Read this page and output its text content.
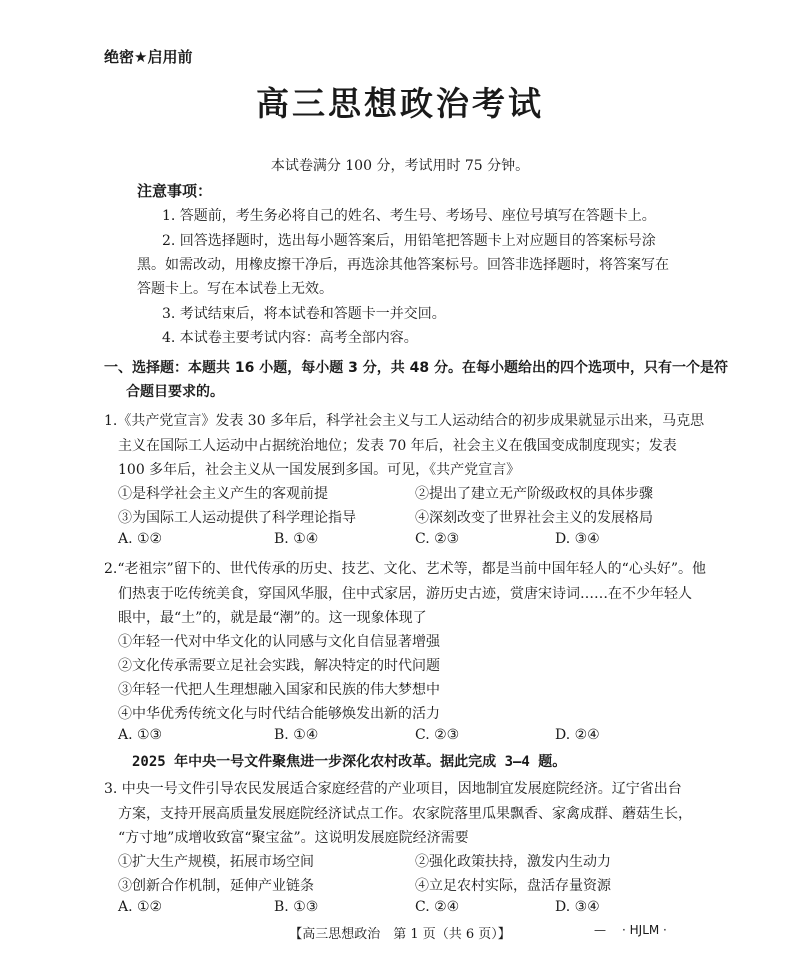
绝密★启用前
高三思想政治考试
本试卷满分 100 分，考试用时 75 分钟。
注意事项：
1. 答题前，考生务必将自己的姓名、考生号、考场号、座位号填写在答题卡上。
2. 回答选择题时，选出每小题答案后，用铅笔把答题卡上对应题目的答案标号涂
黑。如需改动，用橡皮擦干净后，再选涂其他答案标号。回答非选择题时，将答案写在
答题卡上。写在本试卷上无效。
3. 考试结束后，将本试卷和答题卡一并交回。
4. 本试卷主要考试内容：高考全部内容。
一、选择题：本题共 16 小题，每小题 3 分，共 48 分。在每小题给出的四个选项中，只有一个是符
合题目要求的。
1.《共产党宣言》发表 30 多年后，科学社会主义与工人运动结合的初步成果就显示出来，马克思
主义在国际工人运动中占据统治地位；发表 70 年后，社会主义在俄国变成制度现实；发表
100 多年后，社会主义从一国发展到多国。可见，《共产党宣言》
①是科学社会主义产生的客观前提	②提出了建立无产阶级政权的具体步骤
③为国际工人运动提供了科学理论指导	④深刻改变了世界社会主义的发展格局
A. ①②	B. ①④	C. ②③	D. ③④
2.“老祖宗”留下的、世代传承的历史、技艺、文化、艺术等，都是当前中国年轻人的“心头好”。他
们热衷于吃传统美食，穿国风华服，住中式家居，游历史古迹，赏唐宋诗词……在不少年轻人
眼中，最“土”的，就是最“潮”的。这一现象体现了
①年轻一代对中华文化的认同感与文化自信显著增强
②文化传承需要立足社会实践，解决特定的时代问题
③年轻一代把人生理想融入国家和民族的伟大梦想中
④中华优秀传统文化与时代结合能够焕发出新的活力
A. ①③	B. ①④	C. ②③	D. ②④
2025 年中央一号文件聚焦进一步深化农村改革。据此完成 3—4 题。
3. 中央一号文件引导农民发展适合家庭经营的产业项目，因地制宜发展庭院经济。辽宁省出台
方案，支持开展高质量发展庭院经济试点工作。农家院落里瓜果飘香、家禽成群、蘑菇生长，
“方寸地”成增收致富“聚宝盆”。这说明发展庭院经济需要
①扩大生产规模，拓展市场空间	②强化政策扶持，激发内生动力
③创新合作机制，延伸产业链条	④立足农村实际，盘活存量资源
A. ①②	B. ①③	C. ②④	D. ③④
【高三思想政治　第 1 页（共 6 页）】	— · HJLM ·
